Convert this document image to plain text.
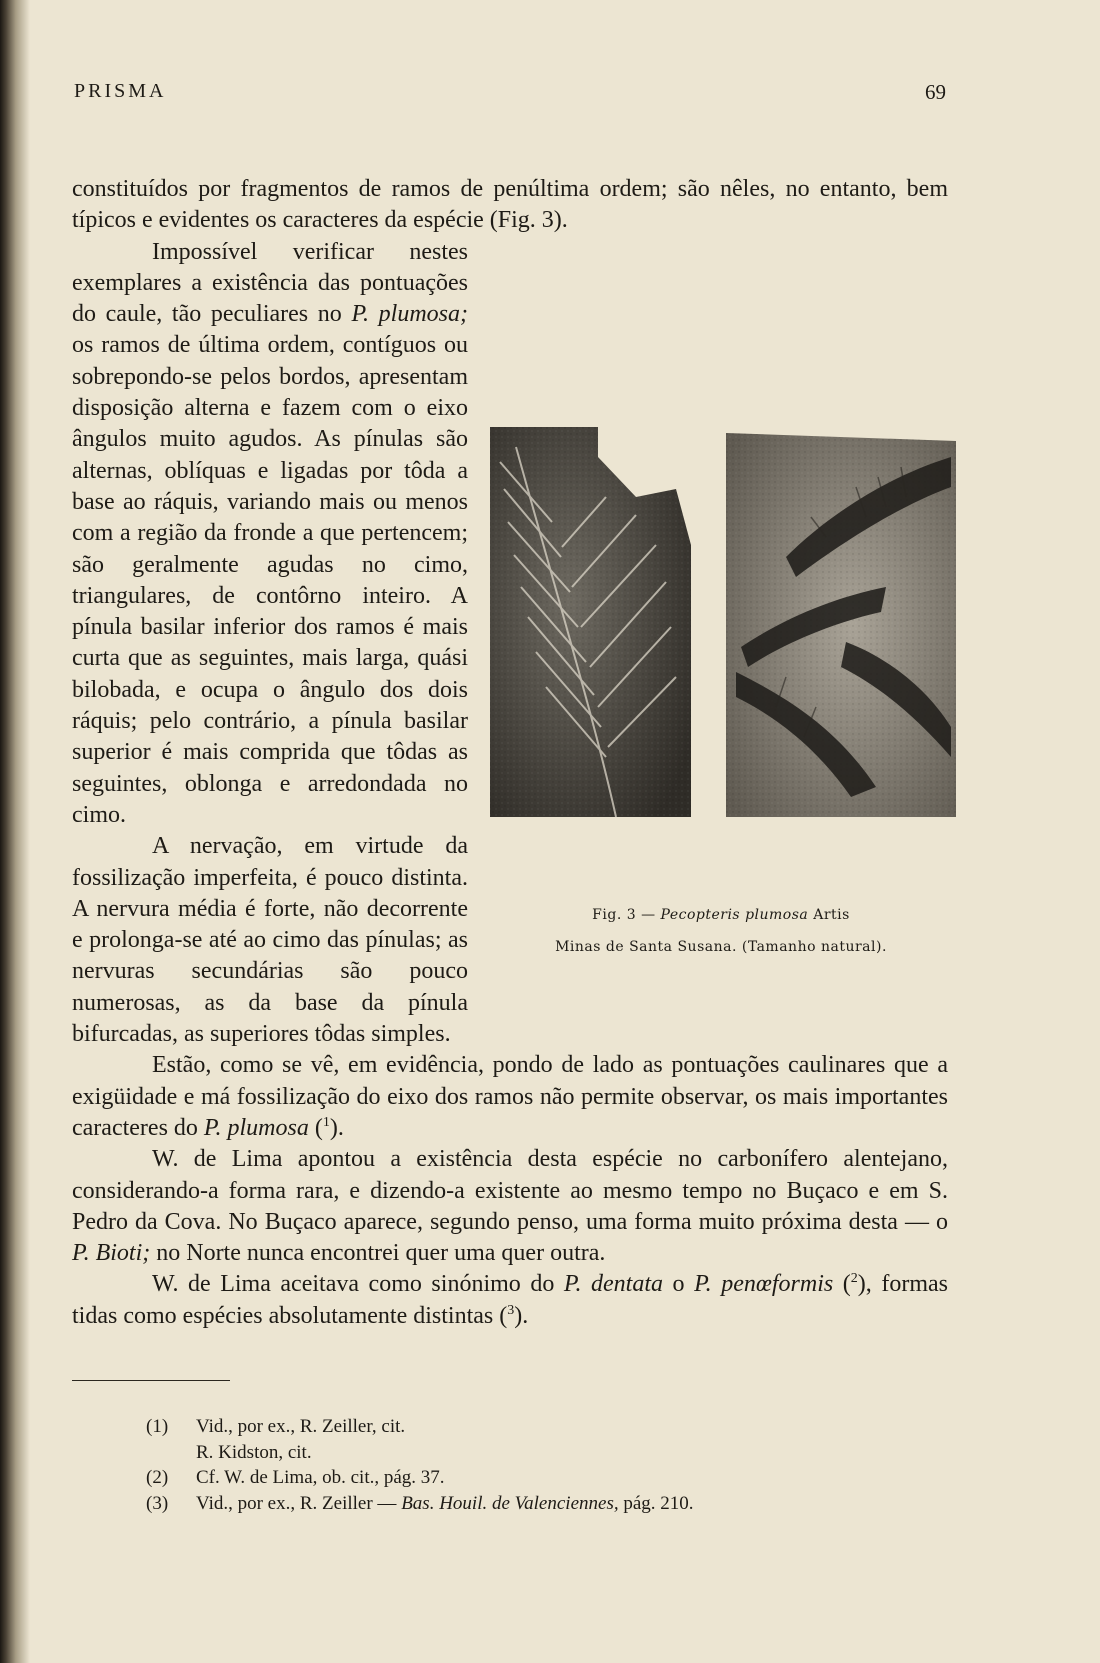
PRISMA	69

constituídos por fragmentos de ramos de penúltima ordem; são nêles, no entanto, bem típicos e evidentes os caracteres da espécie (Fig. 3).

Fig. 3 — Pecopteris plumosa Artis
Minas de Santa Susana. (Tamanho natural).

Impossível verificar nestes exemplares a existência das pontuações do caule, tão peculiares no P. plumosa; os ramos de última ordem, contíguos ou sobrepondo-se pelos bordos, apresentam disposição alterna e fazem com o eixo ângulos muito agudos. As pínulas são alternas, oblíquas e ligadas por tôda a base ao ráquis, variando mais ou menos com a região da fronde a que pertencem; são geralmente agudas no cimo, triangulares, de contôrno inteiro. A pínula basilar inferior dos ramos é mais curta que as seguintes, mais larga, quási bilobada, e ocupa o ângulo dos dois ráquis; pelo contrário, a pínula basilar superior é mais comprida que tôdas as seguintes, oblonga e arredondada no cimo.

A nervação, em virtude da fossilização imperfeita, é pouco distinta. A nervura média é forte, não decorrente e prolonga-se até ao cimo das pínulas; as nervuras secundárias são pouco numerosas, as da base da pínula bifurcadas, as superiores tôdas simples.

Estão, como se vê, em evidência, pondo de lado as pontuações caulinares que a exigüidade e má fossilização do eixo dos ramos não permite observar, os mais importantes caracteres do P. plumosa ($^1$).

W. de Lima apontou a existência desta espécie no carbonífero alentejano, considerando-a forma rara, e dizendo-a existente ao mesmo tempo no Buçaco e em S. Pedro da Cova. No Buçaco aparece, segundo penso, uma forma muito próxima desta — o P. Bioti; no Norte nunca encontrei quer uma quer outra.

W. de Lima aceitava como sinónimo do P. dentata o P. penœformis ($^2$), formas tidas como espécies absolutamente distintas ($^3$).

(1) Vid., por ex., R. Zeiller, cit.
R. Kidston, cit.
(2) Cf. W. de Lima, ob. cit., pág. 37.
(3) Vid., por ex., R. Zeiller — Bas. Houil. de Valenciennes, pág. 210.
